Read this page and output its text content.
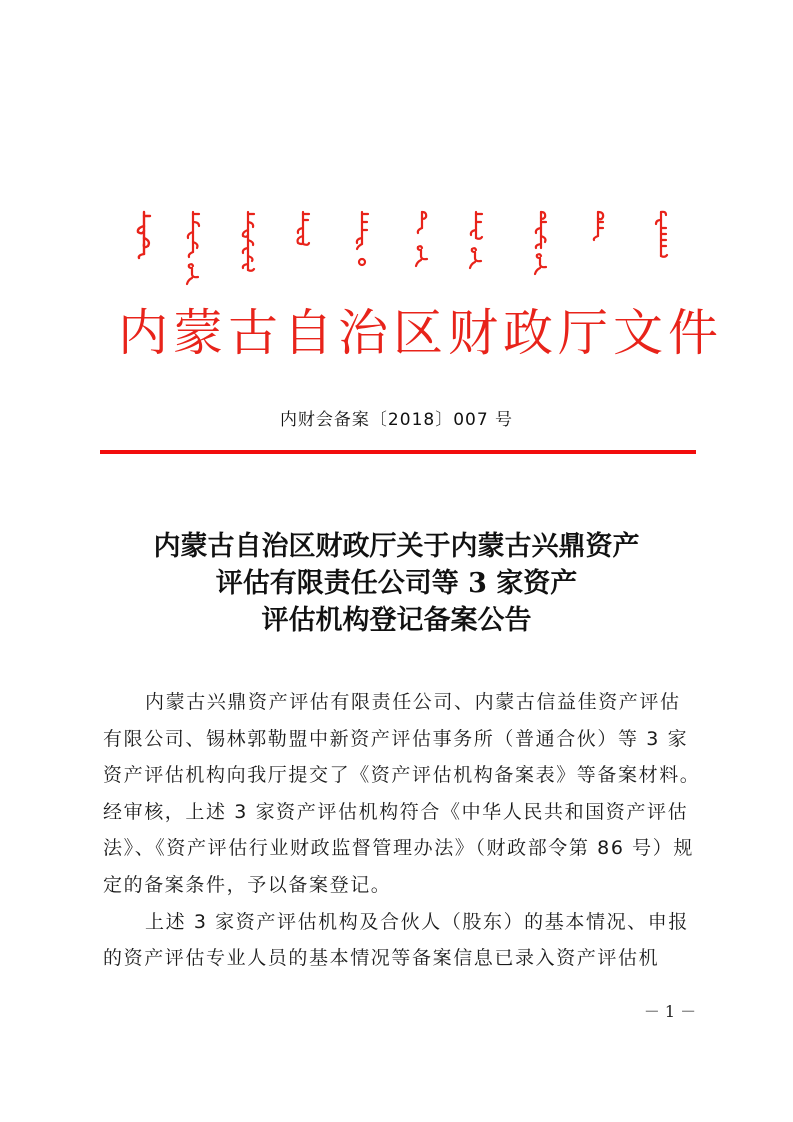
内蒙古自治区财政厅文件
内财会备案〔2018〕007 号
内蒙古自治区财政厅关于内蒙古兴鼎资产
评估有限责任公司等 3 家资产
评估机构登记备案公告
内蒙古兴鼎资产评估有限责任公司、内蒙古信益佳资产评估
有限公司、锡林郭勒盟中新资产评估事务所（普通合伙）等 3 家
资产评估机构向我厅提交了《资产评估机构备案表》等备案材料。
经审核，上述 3 家资产评估机构符合《中华人民共和国资产评估
法》、《资产评估行业财政监督管理办法》（财政部令第 86 号）规
定的备案条件，予以备案登记。
上述 3 家资产评估机构及合伙人（股东）的基本情况、申报
的资产评估专业人员的基本情况等备案信息已录入资产评估机
－ 1 －
